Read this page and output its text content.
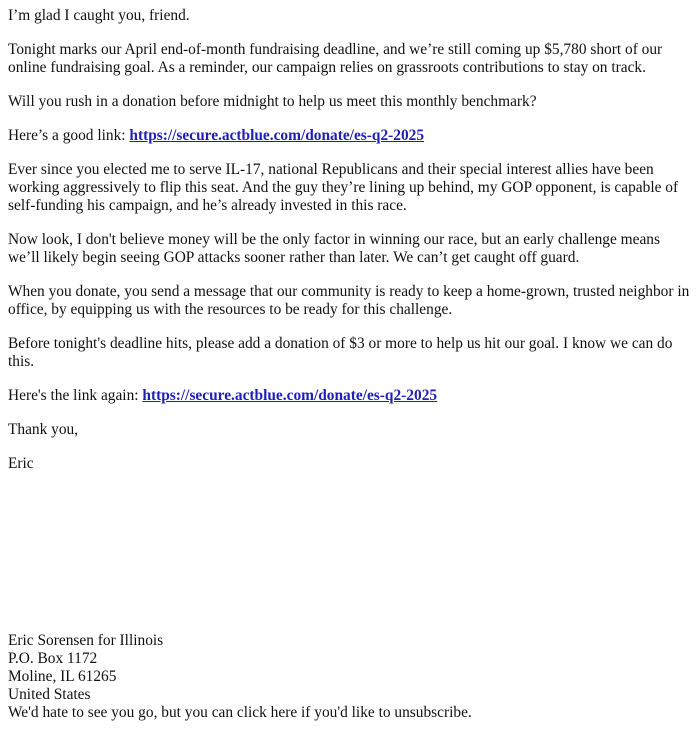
I’m glad I caught you, friend.

Tonight marks our April end-of-month fundraising deadline, and we’re still coming up $5,780 short of our online fundraising goal. As a reminder, our campaign relies on grassroots contributions to stay on track.

Will you rush in a donation before midnight to help us meet this monthly benchmark?

Here’s a good link: https://secure.actblue.com/donate/es-q2-2025

Ever since you elected me to serve IL-17, national Republicans and their special interest allies have been working aggressively to flip this seat. And the guy they’re lining up behind, my GOP opponent, is capable of self-funding his campaign, and he’s already invested in this race.

Now look, I don't believe money will be the only factor in winning our race, but an early challenge means we’ll likely begin seeing GOP attacks sooner rather than later. We can’t get caught off guard.

When you donate, you send a message that our community is ready to keep a home-grown, trusted neighbor in office, by equipping us with the resources to be ready for this challenge.

Before tonight's deadline hits, please add a donation of $3 or more to help us hit our goal. I know we can do this.

Here's the link again: https://secure.actblue.com/donate/es-q2-2025

Thank you,

Eric

Eric Sorensen for Illinois

P.O. Box 1172

Moline, IL 61265

United States

We'd hate to see you go, but you can click here if you'd like to unsubscribe.
